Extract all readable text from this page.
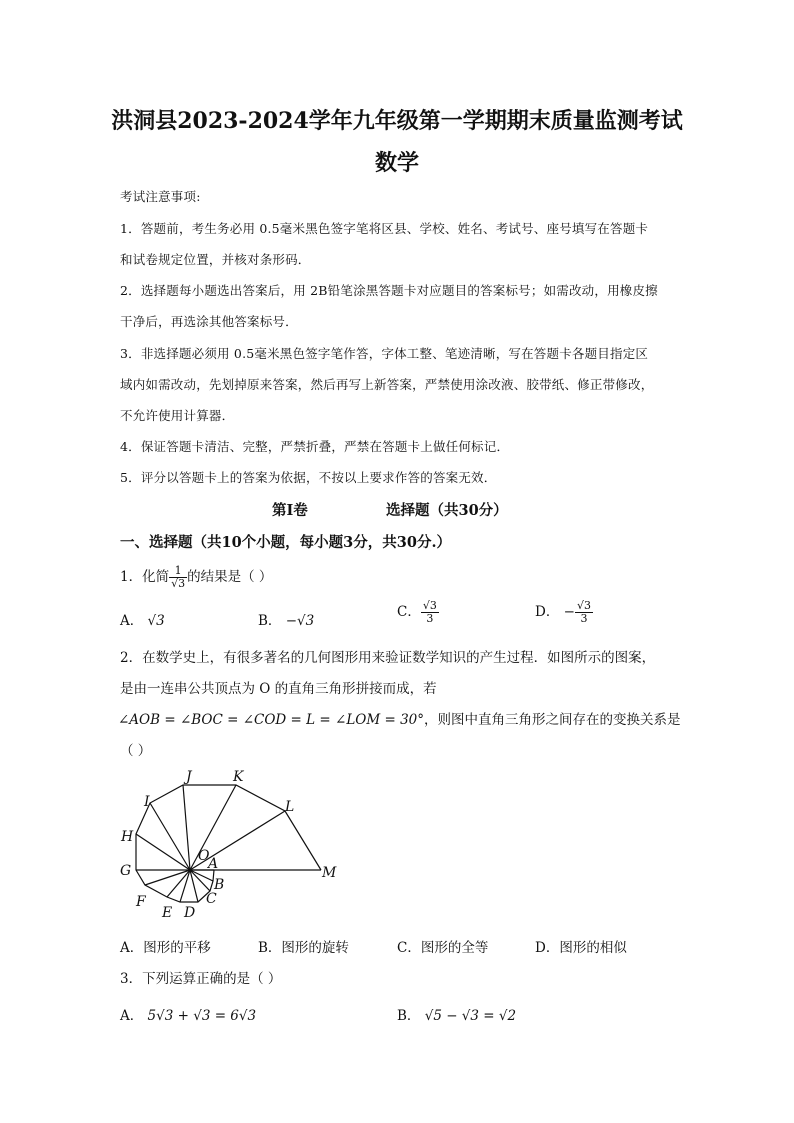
洪洞县2023-2024学年九年级第一学期期末质量监测考试
数学
考试注意事项:
1．答题前，考生务必用 0.5毫米黑色签字笔将区县、学校、姓名、考试号、座号填写在答题卡
和试卷规定位置，并核对条形码．
2．选择题每小题选出答案后，用 2B铅笔涂黑答题卡对应题目的答案标号；如需改动，用橡皮擦
干净后，再选涂其他答案标号．
3．非选择题必须用 0.5毫米黑色签字笔作答，字体工整、笔迹清晰，写在答题卡各题目指定区
域内如需改动，先划掉原来答案，然后再写上新答案，严禁使用涂改液、胶带纸、修正带修改，
不允许使用计算器．
4．保证答题卡清洁、完整，严禁折叠，严禁在答题卡上做任何标记．
5．评分以答题卡上的答案为依据，不按以上要求作答的答案无效．
第Ⅰ卷	选择题（共30分）
一、选择题（共10个小题，每小题3分，共30分.）
1．化简 $\frac{1}{√3}$ 的结果是（ ）
A． √3	B． −√3
C． $\frac{√3}{3}$	D． − $\frac{√3}{3}$
2．在数学史上，有很多著名的几何图形用来验证数学知识的产生过程．如图所示的图案，
是由一连串公共顶点为 O 的直角三角形拼接而成，若
∠AOB = ∠BOC = ∠COD = L = ∠LOM = 30°，则图中直角三角形之间存在的变换关系是
（ ）
J	K
I	L
H
O
A
G	M
B
C
F
E D
A．图形的平移	B．图形的旋转	C．图形的全等	D．图形的相似
3．下列运算正确的是（ ）
A． 5√3 + √3 = 6√3	B． √5 − √3 = √2
